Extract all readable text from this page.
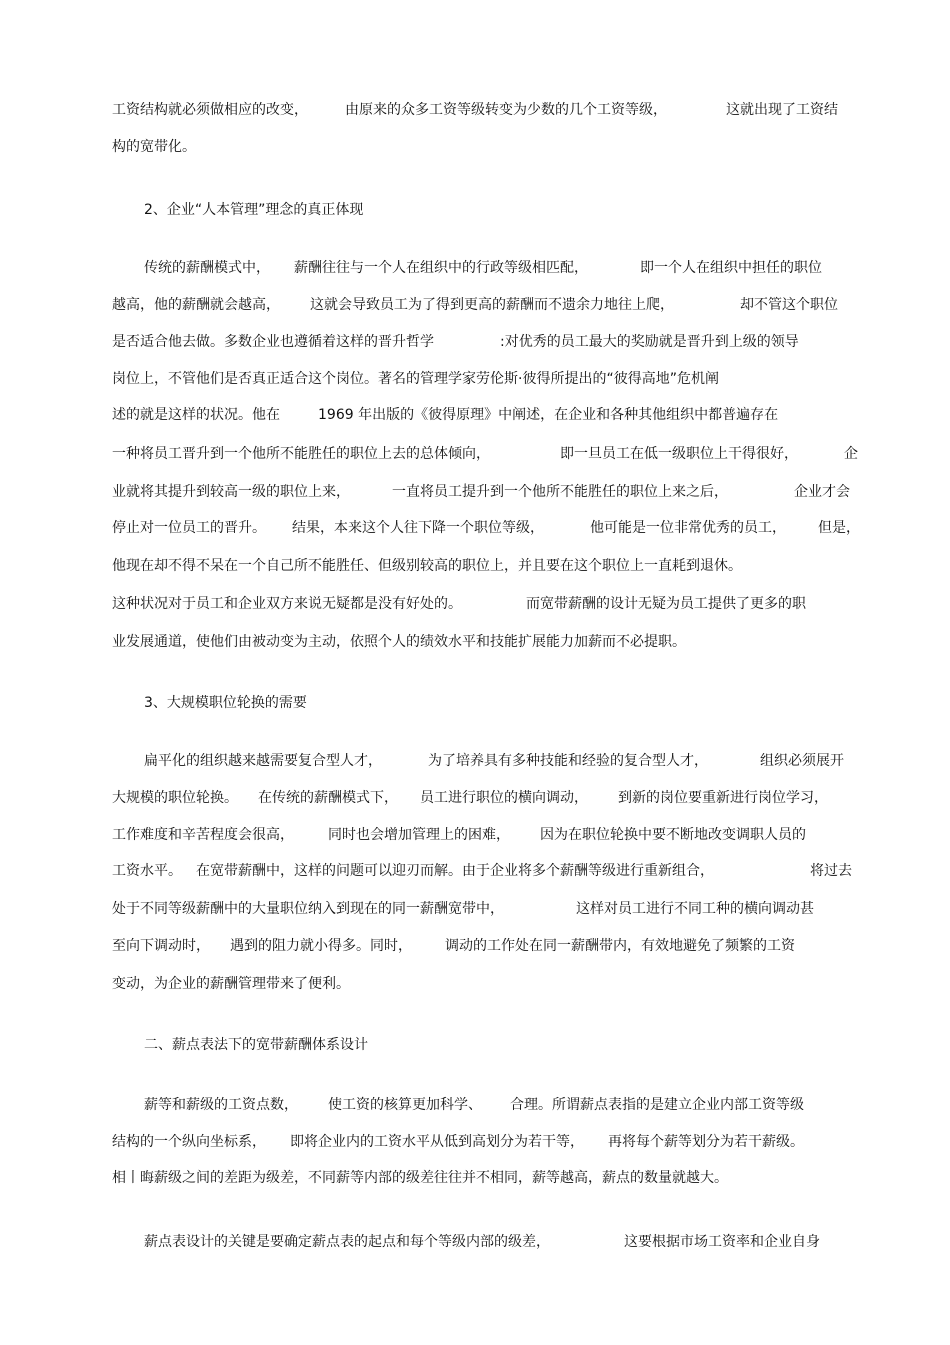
工资结构就必须做相应的改变，

	由原来的众多工资等级转变为少数的几个工资等级，

	这就出现了工资结

构的宽带化。

2、企业“人本管理”理念的真正体现

传统的薪酬模式中，

薪酬往往与一个人在组织中的行政等级相匹配，

	即一个人在组织中担任的职位

越高，他的薪酬就会越高，

这就会导致员工为了得到更高的薪酬而不遗余力地往上爬，

	却不管这个职位

是否适合他去做。多数企业也遵循着这样的晋升哲学

	:对优秀的员工最大的奖励就是晋升到上级的领导

岗位上，不管他们是否真正适合这个岗位。著名的管理学家劳伦斯·彼得所提出的“彼得高地”危机阐

述的就是这样的状况。他在

	1969 年出版的《彼得原理》中阐述，在企业和各种其他组织中都普遍存在

一种将员工晋升到一个他所不能胜任的职位上去的总体倾向，

	即一旦员工在低一级职位上干得很好，

	企

业就将其提升到较高一级的职位上来，

	一直将员工提升到一个他所不能胜任的职位上来之后，

	企业才会

停止对一位员工的晋升。

结果，本来这个人往下降一个职位等级，

	他可能是一位非常优秀的员工，

但是，

他现在却不得不呆在一个自己所不能胜任、但级别较高的职位上，并且要在这个职位上一直耗到退休。

这种状况对于员工和企业双方来说无疑都是没有好处的。

	而宽带薪酬的设计无疑为员工提供了更多的职

业发展通道，使他们由被动变为主动，依照个人的绩效水平和技能扩展能力加薪而不必提职。

3、大规模职位轮换的需要

扁平化的组织越来越需要复合型人才，

	为了培养具有多种技能和经验的复合型人才，

	组织必须展开

大规模的职位轮换。

在传统的薪酬模式下，

员工进行职位的横向调动，

到新的岗位要重新进行岗位学习，

工作难度和辛苦程度会很高，

同时也会增加管理上的困难，

因为在职位轮换中要不断地改变调职人员的

工资水平。

在宽带薪酬中，这样的问题可以迎刃而解。由于企业将多个薪酬等级进行重新组合，

	将过去

处于不同等级薪酬中的大量职位纳入到现在的同一薪酬宽带中，

	这样对员工进行不同工种的横向调动甚

至向下调动时，

遇到的阻力就小得多。同时，

调动的工作处在同一薪酬带内，有效地避免了频繁的工资

变动，为企业的薪酬管理带来了便利。

二、薪点表法下的宽带薪酬体系设计

薪等和薪级的工资点数，

使工资的核算更加科学、

合理。所谓薪点表指的是建立企业内部工资等级

结构的一个纵向坐标系，

即将企业内的工资水平从低到高划分为若干等，

再将每个薪等划分为若干薪级。

相丨晦薪级之间的差距为级差，不同薪等内部的级差往往并不相同，薪等越高，薪点的数量就越大。

薪点表设计的关键是要确定薪点表的起点和每个等级内部的级差，

	这要根据市场工资率和企业自身
